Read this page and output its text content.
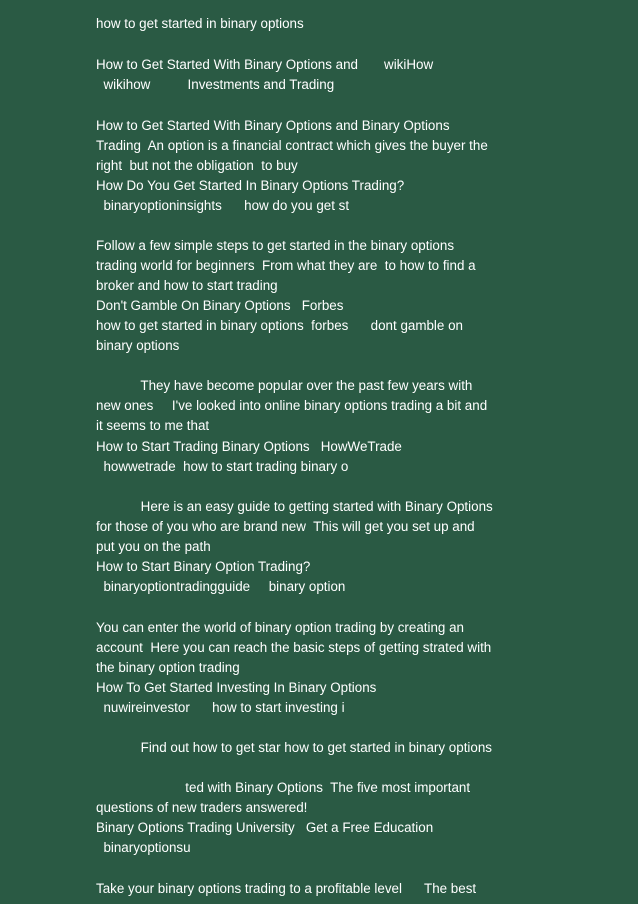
how to get started in binary options
How to Get Started With Binary Options and       wikiHow
wikihow          Investments and Trading
How to Get Started With Binary Options and Binary Options
Trading  An option is a financial contract which gives the buyer the
right  but not the obligation  to buy
How Do You Get Started In Binary Options Trading?
binaryoptioninsights      how do you get st
Follow a few simple steps to get started in the binary options
trading world for beginners  From what they are  to how to find a
broker and how to start trading
Don't Gamble On Binary Options   Forbes
how to get started in binary options  forbes      dont gamble on
binary options
They have become popular over the past few years with
new ones     I've looked into online binary options trading a bit and
it seems to me that
How to Start Trading Binary Options   HowWeTrade
howwetrade  how to start trading binary o
Here is an easy guide to getting started with Binary Options
for those of you who are brand new  This will get you set up and
put you on the path
How to Start Binary Option Trading?
binaryoptiontradingguide     binary option
You can enter the world of binary option trading by creating an
account  Here you can reach the basic steps of getting strated with
the binary option trading
How To Get Started Investing In Binary Options
nuwireinvestor      how to start investing i
Find out how to get star how to get started in binary options
ted with Binary Options  The five most important
questions of new traders answered!
Binary Options Trading University   Get a Free Education
binaryoptionsu
Take your binary options trading to a profitable level      The best
